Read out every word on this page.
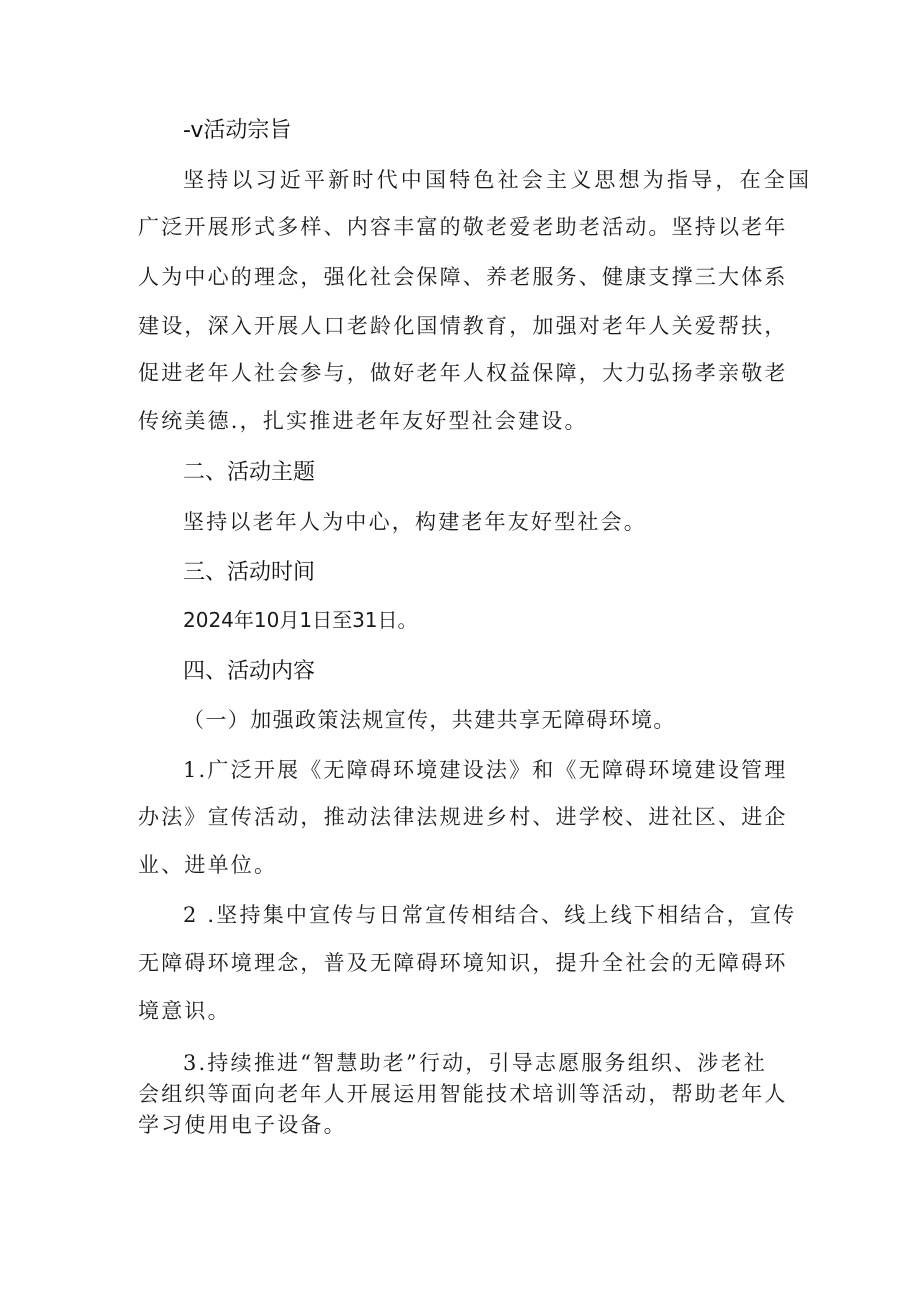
-v活动宗旨
坚持以习近平新时代中国特色社会主义思想为指导，在全国
广泛开展形式多样、内容丰富的敬老爱老助老活动。坚持以老年
人为中心的理念，强化社会保障、养老服务、健康支撑三大体系
建设，深入开展人口老龄化国情教育，加强对老年人关爱帮扶，
促进老年人社会参与，做好老年人权益保障，大力弘扬孝亲敬老
传统美德.，扎实推进老年友好型社会建设。
二、活动主题
坚持以老年人为中心，构建老年友好型社会。
三、活动时间
2024年10月1日至31日。
四、活动内容
（一）加强政策法规宣传，共建共享无障碍环境。
1.广泛开展《无障碍环境建设法》和《无障碍环境建设管理
办法》宣传活动，推动法律法规进乡村、进学校、进社区、进企
业、进单位。
2 .坚持集中宣传与日常宣传相结合、线上线下相结合，宣传
无障碍环境理念，普及无障碍环境知识，提升全社会的无障碍环
境意识。
3.持续推进“智慧助老”行动，引导志愿服务组织、涉老社
会组织等面向老年人开展运用智能技术培训等活动，帮助老年人
学习使用电子设备。
